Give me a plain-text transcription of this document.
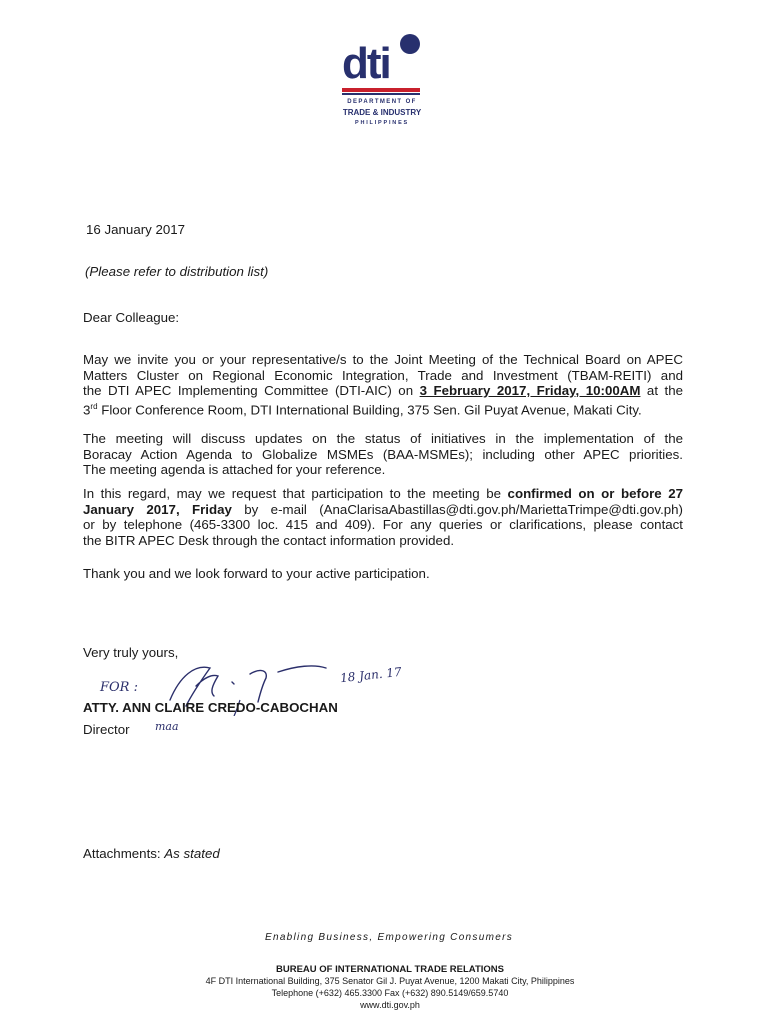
dti
DEPARTMENT OF
TRADE & INDUSTRY
PHILIPPINES
16 January 2017
(Please refer to distribution list)
Dear Colleague:
May we invite you or your representative/s to the Joint Meeting of the Technical Board on APEC
Matters Cluster on Regional Economic Integration, Trade and Investment (TBAM-REITI) and
the DTI APEC Implementing Committee (DTI-AIC) on 3 February 2017, Friday, 10:00AM at the
3rd Floor Conference Room, DTI International Building, 375 Sen. Gil Puyat Avenue, Makati City.
The meeting will discuss updates on the status of initiatives in the implementation of the
Boracay Action Agenda to Globalize MSMEs (BAA-MSMEs); including other APEC priorities.
The meeting agenda is attached for your reference.
In this regard, may we request that participation to the meeting be confirmed on or before 27
January 2017, Friday by e-mail (AnaClarisaAbastillas@dti.gov.ph/MariettaTrimpe@dti.gov.ph)
or by telephone (465-3300 loc. 415 and 409). For any queries or clarifications, please contact
the BITR APEC Desk through the contact information provided.
Thank you and we look forward to your active participation.
Very truly yours,
FOR :
18 Jan. 17
ATTY. ANN CLAIRE CREDO-CABOCHAN
Director maa
Attachments: As stated
Enabling Business, Empowering Consumers
BUREAU OF INTERNATIONAL TRADE RELATIONS
4F DTI International Building, 375 Senator Gil J. Puyat Avenue, 1200 Makati City, Philippines
Telephone (+632) 465.3300 Fax (+632) 890.5149/659.5740
www.dti.gov.ph
